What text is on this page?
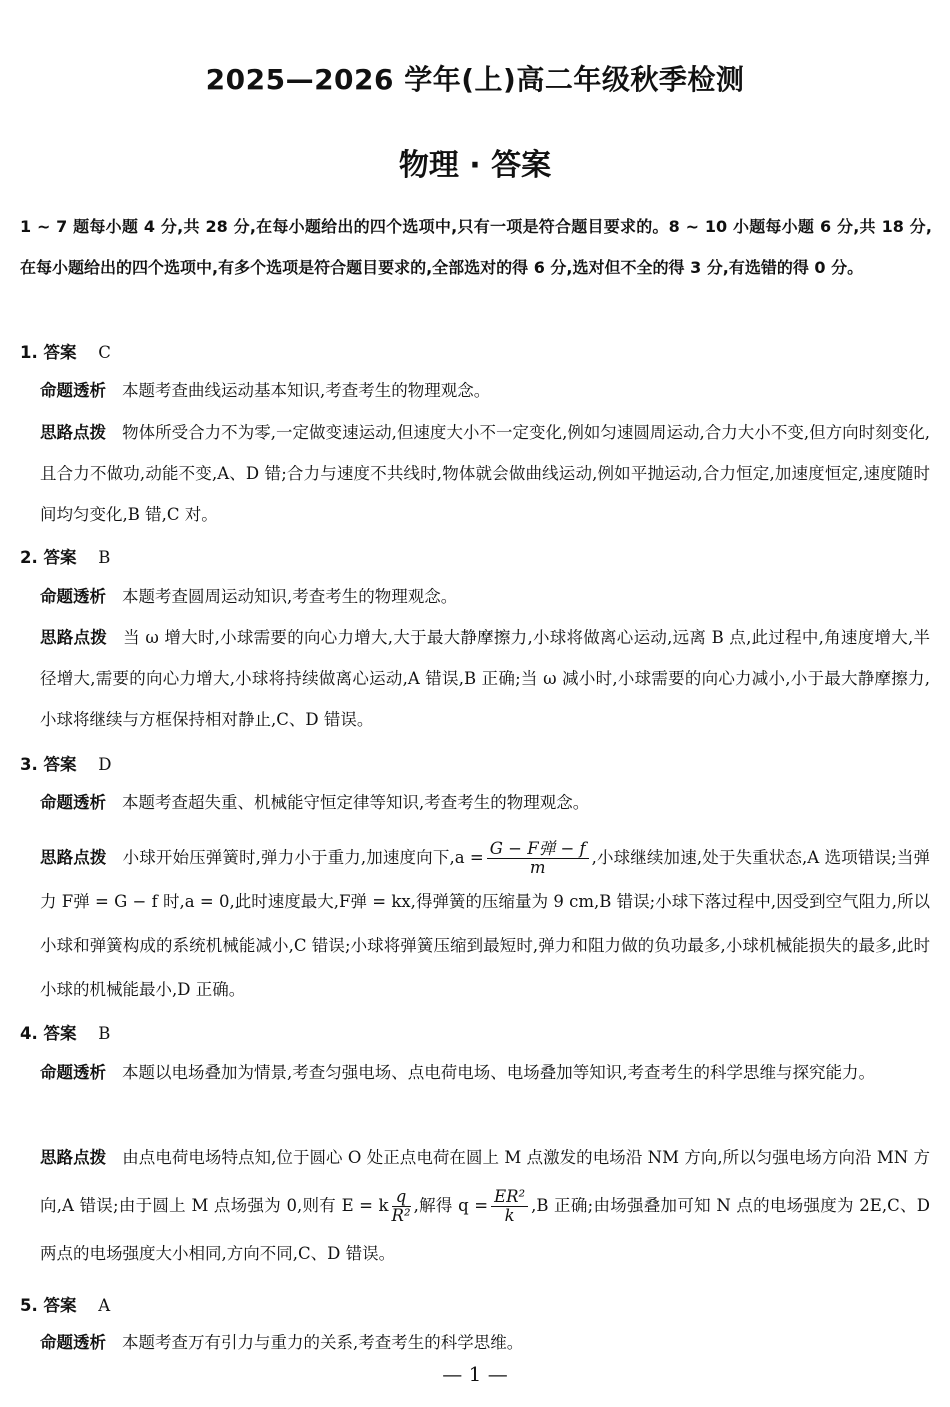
2025—2026 学年(上)高二年级秋季检测
物理 · 答案
1 ~ 7 题每小题 4 分,共 28 分,在每小题给出的四个选项中,只有一项是符合题目要求的。8 ~ 10 小题每小题 6 分,共 18 分,在每小题给出的四个选项中,有多个选项是符合题目要求的,全部选对的得 6 分,选对但不全的得 3 分,有选错的得 0 分。
1. 答案 C
命题透析 本题考查曲线运动基本知识,考查考生的物理观念。
思路点拨 物体所受合力不为零,一定做变速运动,但速度大小不一定变化,例如匀速圆周运动,合力大小不变,但方向时刻变化,且合力不做功,动能不变,A、D 错;合力与速度不共线时,物体就会做曲线运动,例如平抛运动,合力恒定,加速度恒定,速度随时间均匀变化,B 错,C 对。
2. 答案 B
命题透析 本题考查圆周运动知识,考查考生的物理观念。
思路点拨 当 ω 增大时,小球需要的向心力增大,大于最大静摩擦力,小球将做离心运动,远离 B 点,此过程中,角速度增大,半径增大,需要的向心力增大,小球将持续做离心运动,A 错误,B 正确;当 ω 减小时,小球需要的向心力减小,小于最大静摩擦力,小球将继续与方框保持相对静止,C、D 错误。
3. 答案 D
命题透析 本题考查超失重、机械能守恒定律等知识,考查考生的物理观念。
思路点拨 小球开始压弹簧时,弹力小于重力,加速度向下$,a = \frac{\text{G − F弹 − f}}{m}$ ,小球继续加速,处于失重状态,A 选项错误;当弹力 F弹 = G − f 时,a = 0,此时速度最大,F弹 = kx,得弹簧的压缩量为 9 cm,B 错误;小球下落过程中,因受到空气阻力,所以小球和弹簧构成的系统机械能减小,C 错误;小球将弹簧压缩到最短时,弹力和阻力做的负功最多,小球机械能损失的最多,此时小球的机械能最小,D 正确。
4. 答案 B
命题透析 本题以电场叠加为情景,考查匀强电场、点电荷电场、电场叠加等知识,考查考生的科学思维与探究能力。
思路点拨 由点电荷电场特点知,位于圆心 O 处正点电荷在圆上 M 点激发的电场沿 NM 方向,所以匀强电场方向沿 MN 方向,A 错误;由于圆上 M 点场强为 0,则有 E = k $\frac{q}{\text{R²}}$ ,解得 $q = \frac{\text{ER²}}{k} ,B$ 正确;由场强叠加可知 N 点的电场强度为 2E,C、D 两点的电场强度大小相同,方向不同,C、D 错误。
5. 答案 A
命题透析 本题考查万有引力与重力的关系,考查考生的科学思维。
— 1 —
